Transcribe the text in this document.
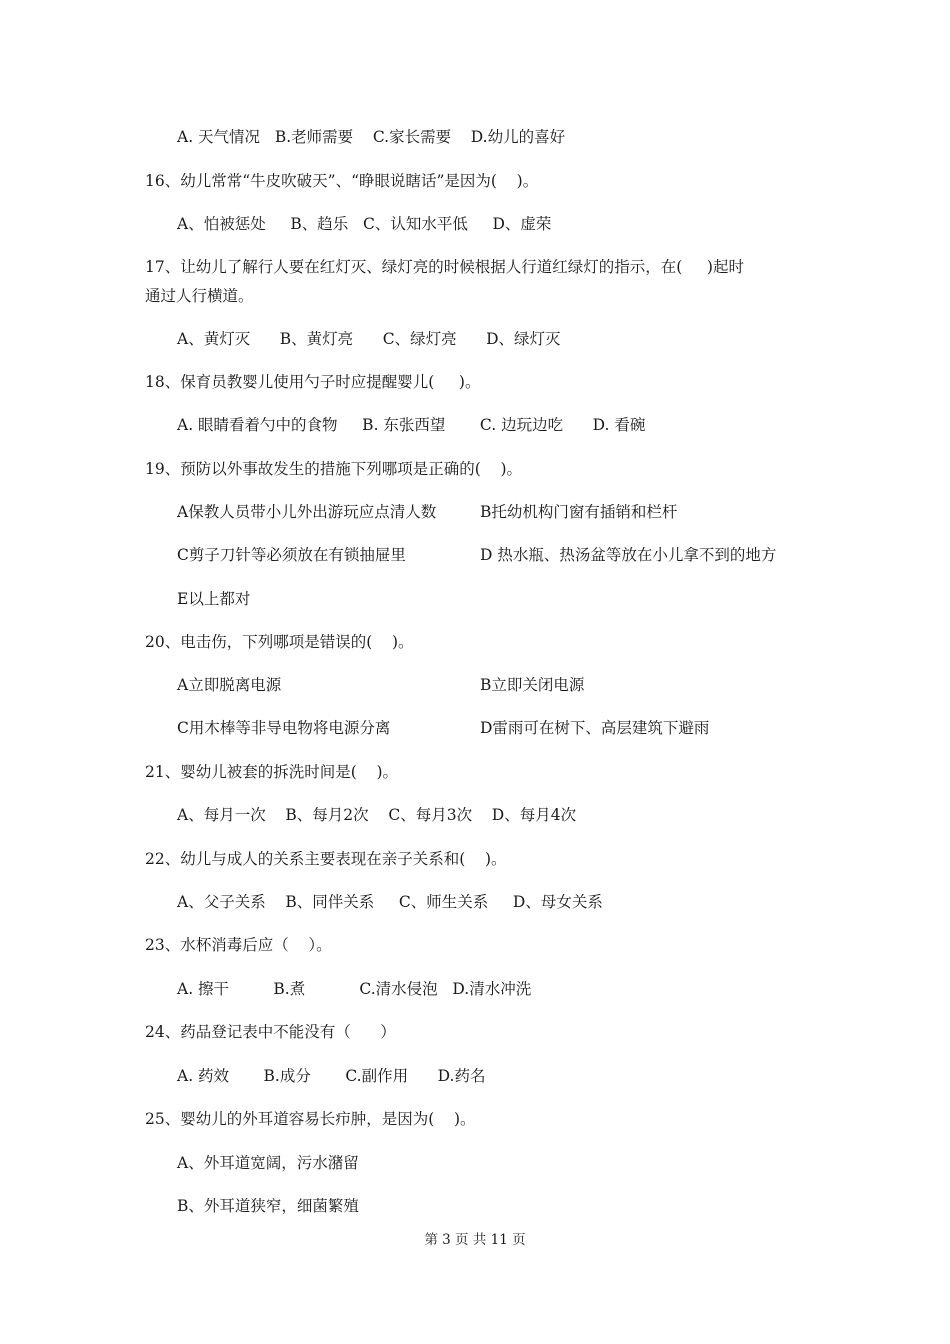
A. 天气情况   B.老师需要    C.家长需要    D.幼儿的喜好
16、幼儿常常“牛皮吹破天”、“睁眼说瞎话”是因为(    )。
A、怕被惩处     B、趋乐   C、认知水平低     D、虚荣
17、让幼儿了解行人要在红灯灭、绿灯亮的时候根据人行道红绿灯的指示，在(     )起时
通过人行横道。
A、黄灯灭      B、黄灯亮      C、绿灯亮      D、绿灯灭
18、保育员教婴儿使用勺子时应提醒婴儿(     )。
A. 眼睛看着勺中的食物     B. 东张西望       C. 边玩边吃      D. 看碗
19、预防以外事故发生的措施下列哪项是正确的(    )。
A保教人员带小儿外出游玩应点清人数	B托幼机构门窗有插销和栏杆
C剪子刀针等必须放在有锁抽屉里	D 热水瓶、热汤盆等放在小儿拿不到的地方
E以上都对
20、电击伤，下列哪项是错误的(    )。
A立即脱离电源	B立即关闭电源
C用木棒等非导电物将电源分离	D雷雨可在树下、高层建筑下避雨
21、婴幼儿被套的拆洗时间是(    )。
A、每月一次    B、每月2次    C、每月3次    D、每月4次
22、幼儿与成人的关系主要表现在亲子关系和(    )。
A、父子关系    B、同伴关系     C、师生关系     D、母女关系
23、水杯消毒后应（    ）。
A. 擦干         B.煮           C.清水侵泡   D.清水冲洗
24、药品登记表中不能没有（      ）
A. 药效       B.成分       C.副作用      D.药名
25、婴幼儿的外耳道容易长疖肿，是因为(    )。
A、外耳道宽阔，污水潴留
B、外耳道狭窄，细菌繁殖
第 3 页 共 11 页
